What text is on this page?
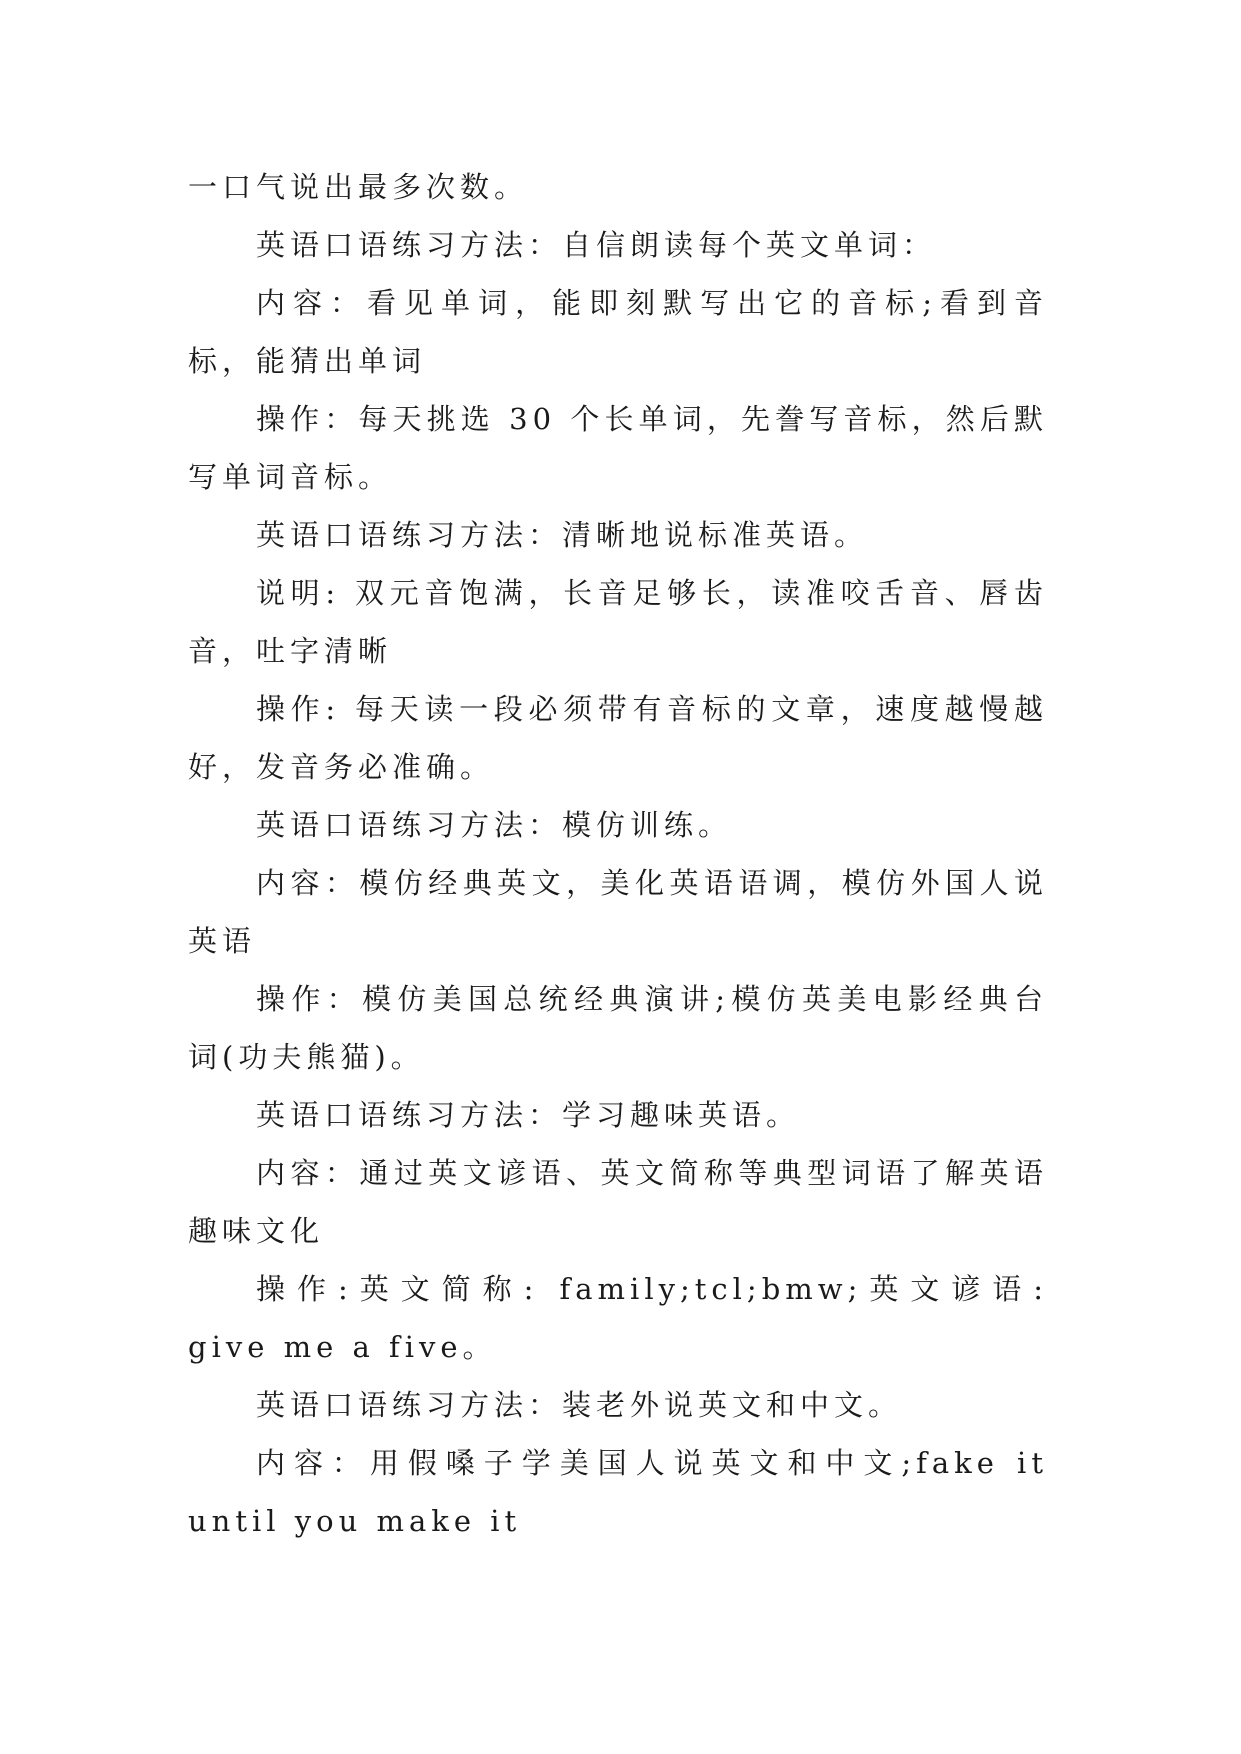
一口气说出最多次数。

英语口语练习方法：自信朗读每个英文单词：

内容：看见单词，能即刻默写出它的音标;看到音标，能猜出单词

操作：每天挑选 30 个长单词，先誊写音标，然后默写单词音标。

英语口语练习方法：清晰地说标准英语。

说明: 双元音饱满，长音足够长，读准咬舌音、唇齿音，吐字清晰

操作: 每天读一段必须带有音标的文章，速度越慢越好，发音务必准确。

英语口语练习方法：模仿训练。

内容：模仿经典英文，美化英语语调，模仿外国人说英语

操作：模仿美国总统经典演讲;模仿英美电影经典台词(功夫熊猫)。

英语口语练习方法：学习趣味英语。

内容：通过英文谚语、英文简称等典型词语了解英语趣味文化

操作:英文简称: family;tcl;bmw;英文谚语: give me a five。

英语口语练习方法：装老外说英文和中文。

内容：用假嗓子学美国人说英文和中文;fake it until you make it
